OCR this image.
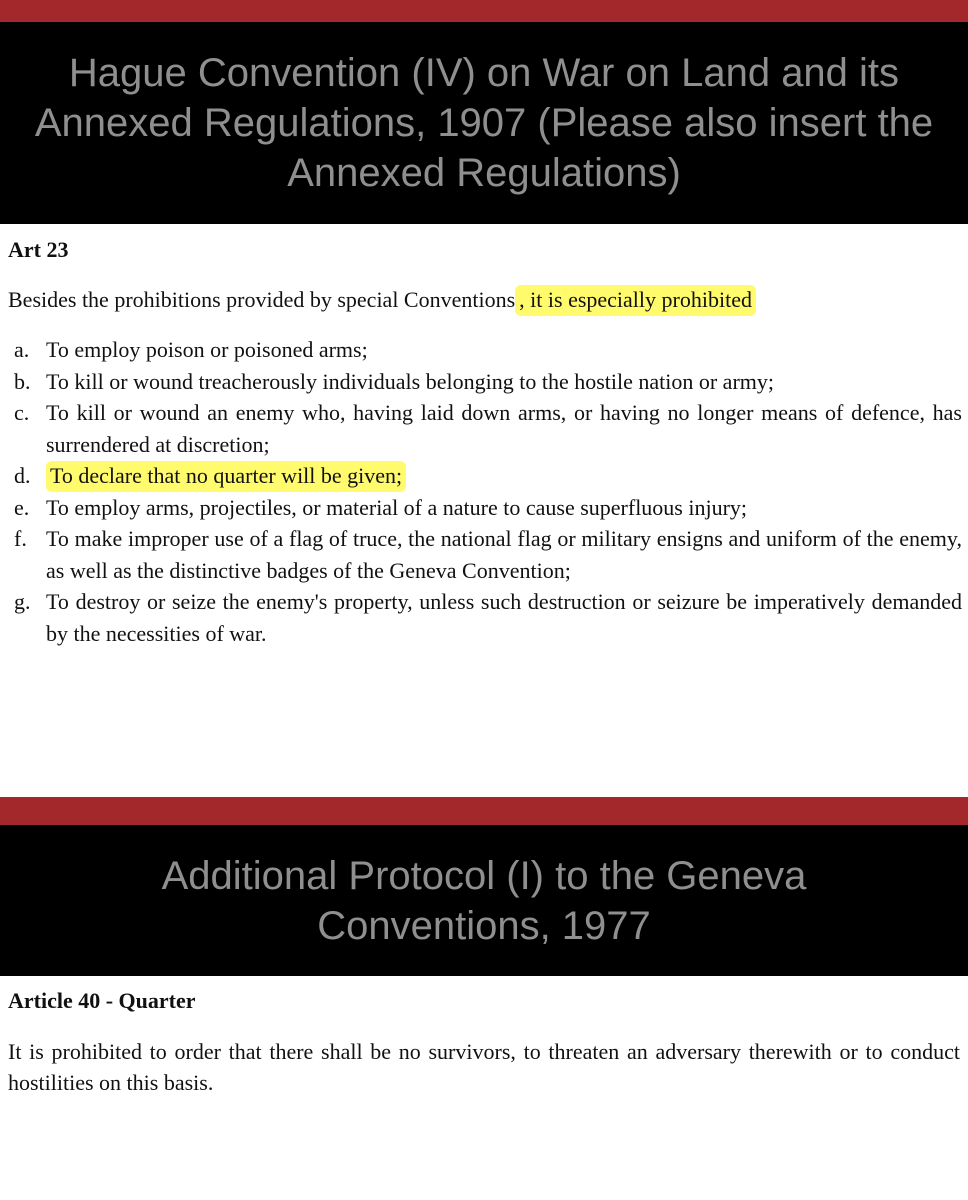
Hague Convention (IV) on War on Land and its
Annexed Regulations, 1907 (Please also insert the
Annexed Regulations)
Art 23

Besides the prohibitions provided by special Conventions , it is especially prohibited

a. To employ poison or poisoned arms;
b. To kill or wound treacherously individuals belonging to the hostile nation or army;
c. To kill or wound an enemy who, having laid down arms, or having no longer means of defence, has surrendered at discretion;
d. To declare that no quarter will be given;
e. To employ arms, projectiles, or material of a nature to cause superfluous injury;
f. To make improper use of a flag of truce, the national flag or military ensigns and uniform of the enemy, as well as the distinctive badges of the Geneva Convention;
g. To destroy or seize the enemy's property, unless such destruction or seizure be imperatively demanded by the necessities of war.
Additional Protocol (I) to the Geneva
Conventions, 1977
Article 40 - Quarter

It is prohibited to order that there shall be no survivors, to threaten an adversary therewith or to conduct hostilities on this basis.
